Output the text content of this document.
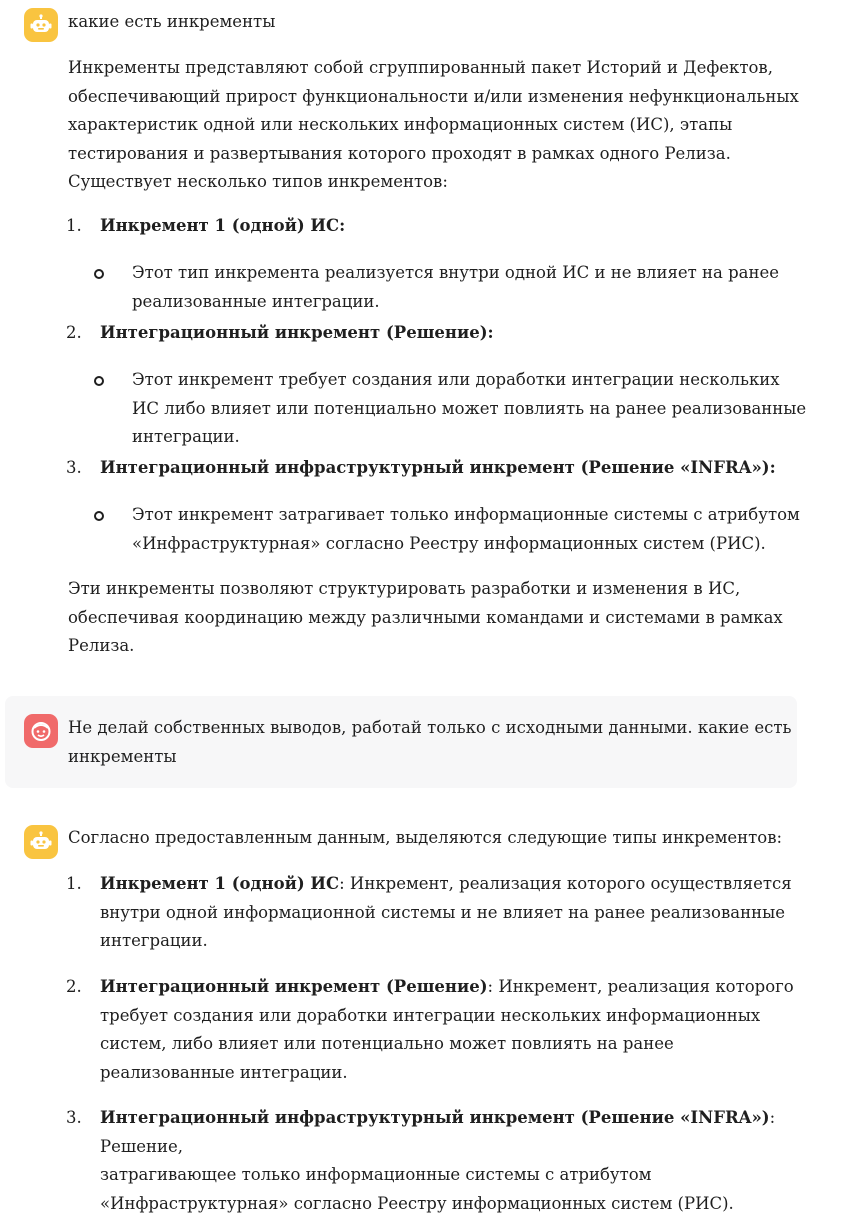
какие есть инкременты

Инкременты представляют собой сгруппированный пакет Историй и Дефектов,

обеспечивающий прирост функциональности и/или изменения нефункциональных

характеристик одной или нескольких информационных систем (ИС), этапы

тестирования и развертывания которого проходят в рамках одного Релиза.

Существует несколько типов инкрементов:

1.	Инкремент 1 (одной) ИС:

Этот тип инкремента реализуется внутри одной ИС и не влияет на ранее

реализованные интеграции.

2.	Интеграционный инкремент (Решение):

Этот инкремент требует создания или доработки интеграции нескольких

ИС либо влияет или потенциально может повлиять на ранее реализованные

интеграции.

3.	Интеграционный инфраструктурный инкремент (Решение «INFRA»):

Этот инкремент затрагивает только информационные системы с атрибутом

«Инфраструктурная» согласно Реестру информационных систем (РИС).

Эти инкременты позволяют структурировать разработки и изменения в ИС,

обеспечивая координацию между различными командами и системами в рамках

Релиза.

Не делай собственных выводов, работай только с исходными данными. какие есть

инкременты

Согласно предоставленным данным, выделяются следующие типы инкрементов:

1.	Инкремент 1 (одной) ИС: Инкремент, реализация которого осуществляется

внутри одной информационной системы и не влияет на ранее реализованные

интеграции.

2.	Интеграционный инкремент (Решение): Инкремент, реализация которого

требует создания или доработки интеграции нескольких информационных

систем, либо влияет или потенциально может повлиять на ранее

реализованные интеграции.

3.	Интеграционный инфраструктурный инкремент (Решение «INFRA»): Решение,

затрагивающее только информационные системы с атрибутом

«Инфраструктурная» согласно Реестру информационных систем (РИС).
